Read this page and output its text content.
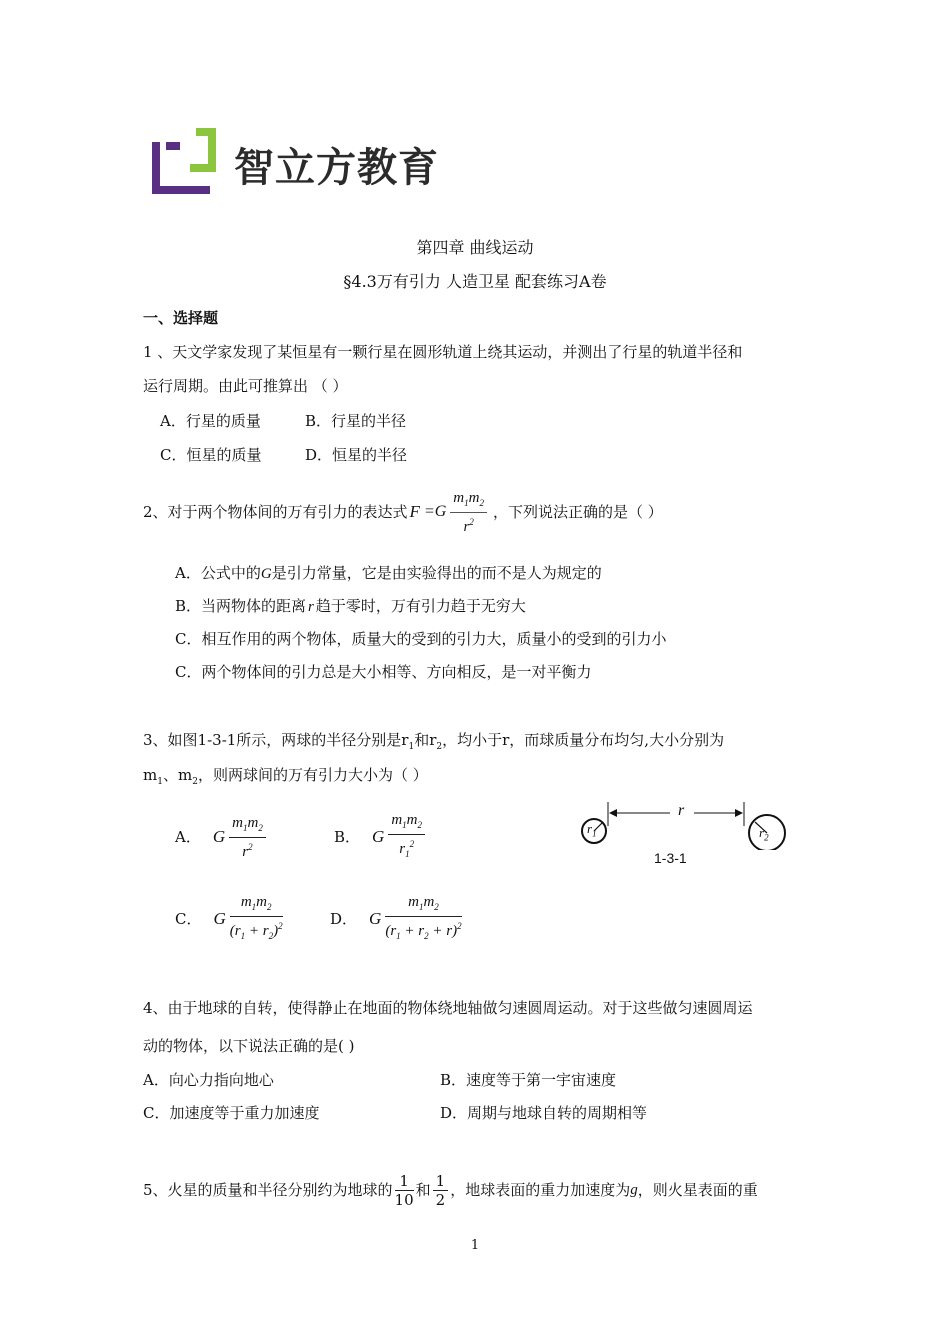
智立方教育
第四章 曲线运动
§4.3万有引力 人造卫星 配套练习A卷
一、选择题
1 、天文学家发现了某恒星有一颗行星在圆形轨道上绕其运动，并测出了行星的轨道半径和
运行周期。由此可推算出 （ ）
A．行星的质量	B．行星的半径
C．恒星的质量	D．恒星的半径
2、对于两个物体间的万有引力的表达式 $F =G \frac{m_1m_2}{r^2}$ ，下列说法正确的是（ ）
A．公式中的G是引力常量，它是由实验得出的而不是人为规定的
B．当两物体的距离 r 趋于零时，万有引力趋于无穷大
C．相互作用的两个物体，质量大的受到的引力大，质量小的受到的引力小
C．两个物体间的引力总是大小相等、方向相反，是一对平衡力
3、如图1-3-1所示，两球的半径分别是$r_1$和$r_2$，均小于r，而球质量分布均匀,大小分别为
$m_1$、$m_2$，则两球间的万有引力大小为（ ）
A． G $\frac{m_1m_2}{r^2}$	B． G $\frac{m_1m_2}{r_1^2}$
C． G $\frac{m_1m_2}{(r_1 + r_2)^2}$	D． G $\frac{m_1m_2}{(r_1 + r_2 + r)^2}$
r
$r_1$	$r_2$
1-3-1
4、由于地球的自转，使得静止在地面的物体绕地轴做匀速圆周运动。对于这些做匀速圆周运
动的物体，以下说法正确的是( )
A．向心力指向地心	B．速度等于第一宇宙速度
C．加速度等于重力加速度	D．周期与地球自转的周期相等
5、火星的质量和半径分别约为地球的 $\frac{1}{10}$ 和 $\frac{1}{2}$ ，地球表面的重力加速度为 g ，则火星表面的重
1
